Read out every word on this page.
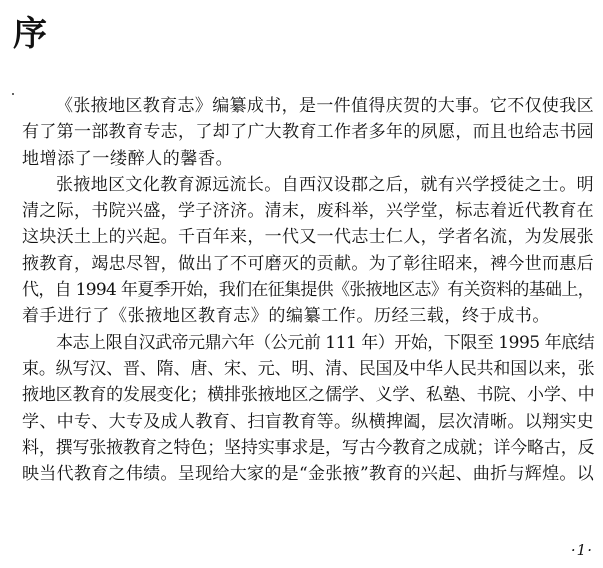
序
《张掖地区教育志》编纂成书，是一件值得庆贺的大事。它不仅使我区
有了第一部教育专志，了却了广大教育工作者多年的夙愿，而且也给志书园
地增添了一缕醉人的馨香。
张掖地区文化教育源远流长。自西汉设郡之后，就有兴学授徒之士。明
清之际，书院兴盛，学子济济。清末，废科举，兴学堂，标志着近代教育在
这块沃土上的兴起。千百年来，一代又一代志士仁人，学者名流，为发展张
掖教育，竭忠尽智，做出了不可磨灭的贡献。为了彰往昭来，裨今世而惠后
代，自 1994 年夏季开始，我们在征集提供《张掖地区志》有关资料的基础上，
着手进行了《张掖地区教育志》的编纂工作。历经三载，终于成书。
本志上限自汉武帝元鼎六年（公元前 111 年）开始，下限至 1995 年底结
束。纵写汉、晋、隋、唐、宋、元、明、清、民国及中华人民共和国以来，张
掖地区教育的发展变化；横排张掖地区之儒学、义学、私塾、书院、小学、中
学、中专、大专及成人教育、扫盲教育等。纵横捭阖，层次清晰。以翔实史
料，撰写张掖教育之特色；坚持实事求是，写古今教育之成就；详今略古，反
映当代教育之伟绩。呈现给大家的是“金张掖”教育的兴起、曲折与辉煌。以
·1·
